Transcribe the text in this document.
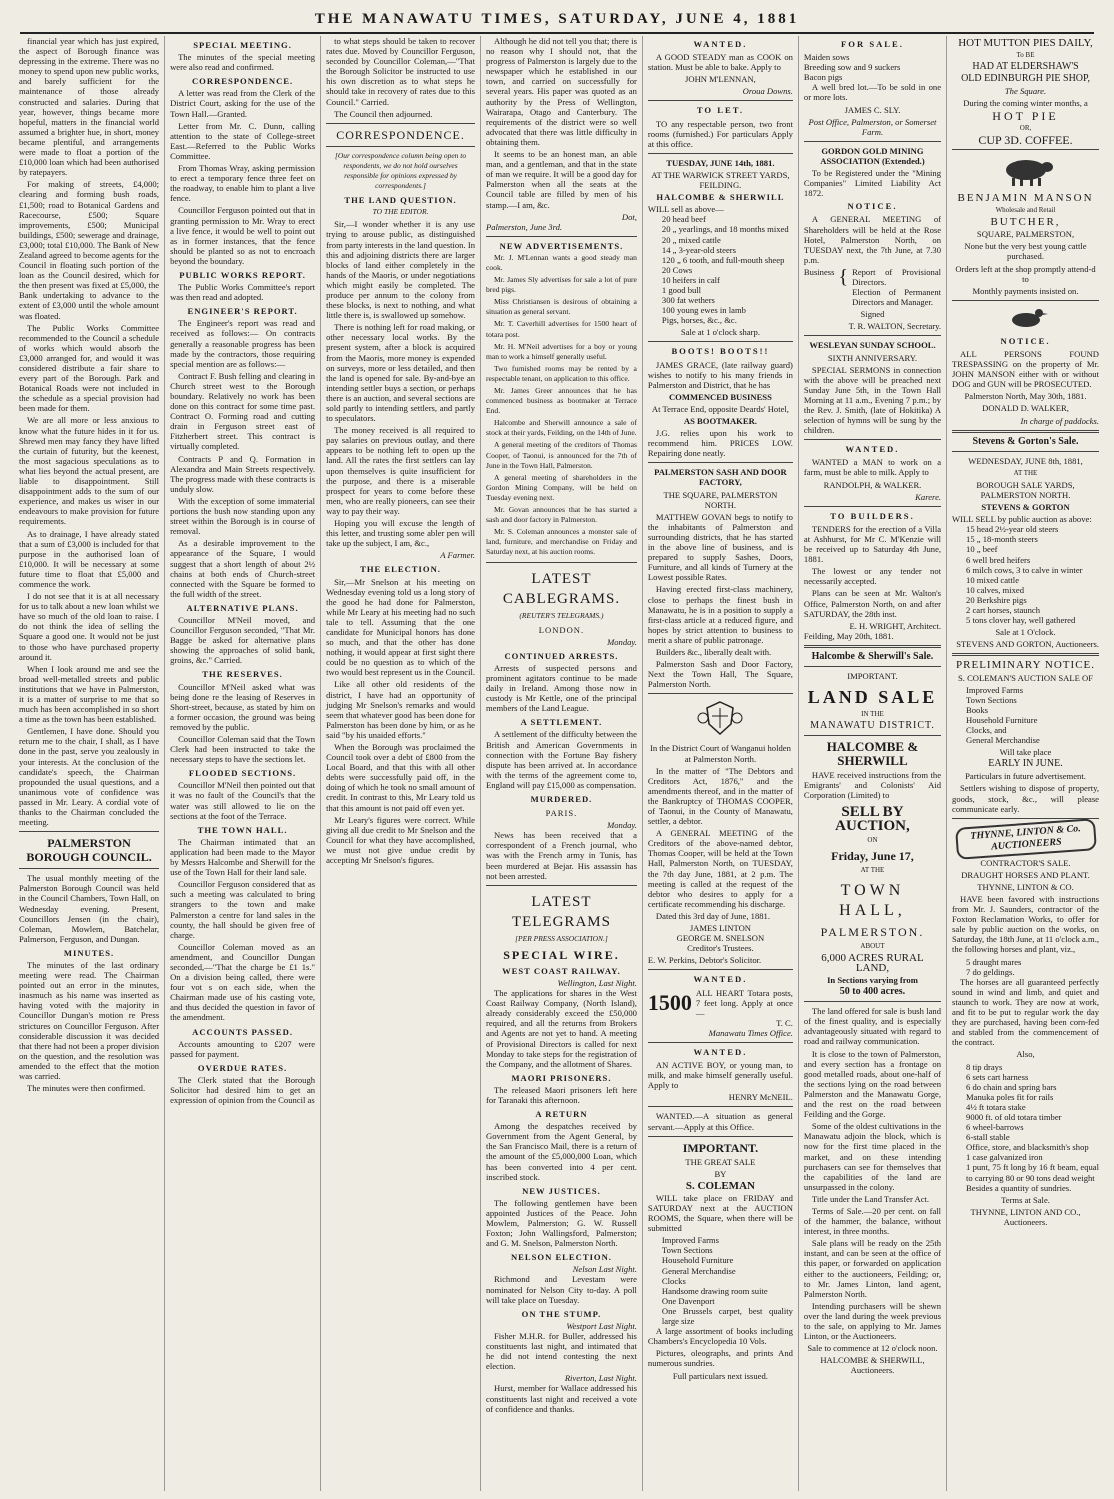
THE MANAWATU TIMES, SATURDAY, JUNE 4, 1881

financial year which has just expired, the aspect of Borough finance was depressing in the extreme. There was no money to spend upon new public works, and barely sufficient for the maintenance of those already constructed and salaries. During that year, however, things became more hopeful, matters in the financial world assumed a brighter hue, in short, money became plentiful, and arrangements were made to float a portion of the £10,000 loan which had been authorised by ratepayers.

For making of streets, £4,000; clearing and forming bush roads, £1,500; road to Botanical Gardens and Racecourse, £500; Square improvements, £500; Municipal buildings, £500; sewerage and drainage, £3,000; total £10,000. The Bank of New Zealand agreed to become agents for the Council in floating such portion of the loan as the Council desired, which for the then present was fixed at £5,000, the Bank undertaking to advance to the extent of £3,000 until the whole amount was floated.

The Public Works Committee recommended to the Council a schedule of works which would absorb the £3,000 arranged for, and would it was considered distribute a fair share to every part of the Borough. Park and Botanical Roads were not included in the schedule as a special provision had been made for them.

We are all more or less anxious to know what the future hides in it for us. Shrewd men may fancy they have lifted the curtain of futurity, but the keenest, the most sagacious speculations as to what lies beyond the actual present, are liable to disappointment. Still disappointment adds to the sum of our experience, and makes us wiser in our endeavours to make provision for future requirements.

As to drainage, I have already stated that a sum of £3,000 is included for that purpose in the authorised loan of £10,000. It will be necessary at some future time to float that £5,000 and commence the work.

I do not see that it is at all necessary for us to talk about a new loan whilst we have so much of the old loan to raise. I do not think the idea of selling the Square a good one. It would not be just to those who have purchased property around it.

When I look around me and see the broad well-metalled streets and public institutions that we have in Palmerston, it is a matter of surprise to me that so much has been accomplished in so short a time as the town has been established.

Gentlemen, I have done. Should you return me to the chair, I shall, as I have done in the past, serve you zealously in your interests. At the conclusion of the candidate's speech, the Chairman propounded the usual questions, and a unanimous vote of confidence was passed in Mr. Leary. A cordial vote of thanks to the Chairman concluded the meeting.

PALMERSTON BOROUGH COUNCIL.

The usual monthly meeting of the Palmerston Borough Council was held in the Council Chambers, Town Hall, on Wednesday evening. Present, Councillors Jensen (in the chair), Coleman, Mowlem, Batchelar, Palmerson, Ferguson, and Dungan.

MINUTES.

The minutes of the last ordinary meeting were read. The Chairman pointed out an error in the minutes, inasmuch as his name was inserted as having voted with the majority in Councillor Dungan's motion re Press strictures on Councillor Ferguson. After considerable discussion it was decided that there had not been a proper division on the question, and the resolution was amended to the effect that the motion was carried.

The minutes were then confirmed.

SPECIAL MEETING.

The minutes of the special meeting were also read and confirmed.

CORRESPONDENCE.

A letter was read from the Clerk of the District Court, asking for the use of the Town Hall.—Granted.

Letter from Mr. C. Dunn, calling attention to the state of College-street East.—Referred to the Public Works Committee.

From Thomas Wray, asking permission to erect a temporary fence three feet on the roadway, to enable him to plant a live fence.

Councillor Ferguson pointed out that in granting permission to Mr. Wray to erect a live fence, it would be well to point out as in former instances, that the fence should be planted so as not to encroach beyond the boundary.

PUBLIC WORKS REPORT.

The Public Works Committee's report was then read and adopted.

ENGINEER'S REPORT.

The Engineer's report was read and received as follows:— On contracts generally a reasonable progress has been made by the contractors, those requiring special mention are as follows:—

Contract F. Bush felling and clearing in Church street west to the Borough boundary. Relatively no work has been done on this contract for some time past. Contract O. Forming road and cutting drain in Ferguson street east of Fitzherbert street. This contract is virtually completed.

Contracts P and Q. Formation in Alexandra and Main Streets respectively. The progress made with these contracts is unduly slow.

With the exception of some immaterial portions the bush now standing upon any street within the Borough is in course of removal.

As a desirable improvement to the appearance of the Square, I would suggest that a short length of about 2½ chains at both ends of Church-street connected with the Square be formed to the full width of the street.

ALTERNATIVE PLANS.

Councillor M'Neil moved, and Councillor Ferguson seconded, "That Mr. Bagge be asked for alternative plans showing the approaches of solid bank, groins, &c." Carried.

THE RESERVES.

Councillor M'Neil asked what was being done re the leasing of Reserves in Short-street, because, as stated by him on a former occasion, the ground was being removed by the public.

Councillor Coleman said that the Town Clerk had been instructed to take the necessary steps to have the sections let.

FLOODED SECTIONS.

Councillor M'Neil then pointed out that it was no fault of the Council's that the water was still allowed to lie on the sections at the foot of the Terrace.

THE TOWN HALL.

The Chairman intimated that an application had been made to the Mayor by Messrs Halcombe and Sherwill for the use of the Town Hall for their land sale.

Councillor Ferguson considered that as such a meeting was calculated to bring strangers to the town and make Palmerston a centre for land sales in the county, the hall should be given free of charge.

Councillor Coleman moved as an amendment, and Councillor Dungan seconded,—"That the charge be £1 1s." On a division being called, there were four vot s on each side, when the Chairman made use of his casting vote, and thus decided the question in favor of the amendment.

ACCOUNTS PASSED.

Accounts amounting to £207 were passed for payment.

OVERDUE RATES.

The Clerk stated that the Borough Solicitor had desired him to get an expression of opinion from the Council as

to what steps should be taken to recover rates due. Moved by Councillor Ferguson, seconded by Councillor Coleman,—"That the Borough Solicitor be instructed to use his own discretion as to what steps he should take in recovery of rates due to this Council." Carried.

The Council then adjourned.

CORRESPONDENCE.
[Our correspondence column being open to respondents, we do not hold ourselves responsible for opinions expressed by correspondents.]
THE LAND QUESTION.
TO THE EDITOR.

Sir,—I wonder whether it is any use trying to arouse public, as distinguished from party interests in the land question. In this and adjoining districts there are larger blocks of land either completely in the hands of the Maoris, or under negotiations which might easily be completed. The produce per annum to the colony from these blocks, is next to nothing, and what little there is, is swallowed up somehow.

There is nothing left for road making, or other necessary local works. By the present system, after a block is acquired from the Maoris, more money is expended on surveys, more or less detailed, and then the land is opened for sale. By-and-bye an intending settler buys a section, or perhaps there is an auction, and several sections are sold partly to intending settlers, and partly to speculators.

The money received is all required to pay salaries on previous outlay, and there appears to be nothing left to open up the land. All the rates the first settlers can lay upon themselves is quite insufficient for the purpose, and there is a miserable prospect for years to come before these men, who are really pioneers, can see their way to pay their way.

Hoping you will excuse the length of this letter, and trusting some abler pen will take up the subject, I am, &c.,

A Farmer.
THE ELECTION.

Sir,—Mr Snelson at his meeting on Wednesday evening told us a long story of the good he had done for Palmerston, while Mr Leary at his meeting had no such tale to tell. Assuming that the one candidate for Municipal honors has done so much, and that the other has done nothing, it would appear at first sight there could be no question as to which of the two would best represent us in the Council.

Like all other old residents of the district, I have had an opportunity of judging Mr Snelson's remarks and would seem that whatever good has been done for Palmerston has been done by him, or as he said "by his unaided efforts."

When the Borough was proclaimed the Council took over a debt of £800 from the Local Board, and that this with all other debts were successfully paid off, in the doing of which he took no small amount of credit. In contrast to this, Mr Leary told us that this amount is not paid off even yet.

Mr Leary's figures were correct. While giving all due credit to Mr Snelson and the Council for what they have accomplished, we must not give undue credit by accepting Mr Snelson's figures.

Although he did not tell you that; there is no reason why I should not, that the progress of Palmerston is largely due to the newspaper which he established in our town, and carried on successfully for several years. His paper was quoted as an authority by the Press of Wellington, Wairarapa, Otago and Canterbury. The requirements of the district were so well advocated that there was little difficulty in obtaining them.

It seems to be an honest man, an able man, and a gentleman, and that in the state of man we require. It will be a good day for Palmerston when all the seats at the Council table are filled by men of his stamp.—I am, &c.

Dot,
Palmerston, June 3rd.
NEW ADVERTISEMENTS.

Mr. J. M'Lennan wants a good steady man cook.

Mr. James Sly advertises for sale a lot of pure bred pigs.

Miss Christiansen is desirous of obtaining a situation as general servant.

Mr. T. Caverhill advertises for 1500 heart of totara post.

Mr. H. M'Neil advertises for a boy or young man to work a himself generally useful.

Two furnished rooms may be rented by a respectable tenant, on application to this office.

Mr. James Greer announces that he has commenced business as bootmaker at Terrace End.

Halcombe and Sherwill announce a sale of stock at their yards, Feilding, on the 14th of June.

A general meeting of the creditors of Thomas Cooper, of Taonui, is announced for the 7th of June in the Town Hall, Palmerston.

A general meeting of shareholders in the Gordon Mining Company, will be held on Tuesday evening next.

Mr. Govan announces that he has started a sash and door factory in Palmerston.

Mr. S. Coleman announces a monster sale of land, furniture, and merchandise on Friday and Saturday next, at his auction rooms.

LATEST CABLEGRAMS.
(REUTER'S TELEGRAMS.)
LONDON.
Monday.
CONTINUED ARRESTS.

Arrests of suspected persons and prominent agitators continue to be made daily in Ireland. Among those now in custody is Mr Kettle, one of the principal members of the Land League.

A SETTLEMENT.

A settlement of the difficulty between the British and American Governments in connection with the Fortune Bay fishery dispute has been arrived at. In accordance with the terms of the agreement come to, England will pay £15,000 as compensation.

MURDERED.
PARIS.
Monday.

News has been received that a correspondent of a French journal, who was with the French army in Tunis, has been murdered at Bejar. His assassin has not been arrested.

LATEST TELEGRAMS
[PER PRESS ASSOCIATION.]
SPECIAL WIRE.
WEST COAST RAILWAY.
Wellington, Last Night.

The applications for shares in the West Coast Railway Company, (North Island), already considerably exceed the £50,000 required, and all the returns from Brokers and Agents are not yet to hand. A meeting of Provisional Directors is called for next Monday to take steps for the registration of the Company, and the allotment of Shares.

MAORI PRISONERS.

The released Maori prisoners left here for Taranaki this afternoon.

A RETURN

Among the despatches received by Government from the Agent General, by the San Francisco Mail, there is a return of the amount of the £5,000,000 Loan, which has been converted into 4 per cent. inscribed stock.

NEW JUSTICES.

The following gentlemen have been appointed Justices of the Peace. John Mowlem, Palmerston; G. W. Russell Foxton; John Wallingsford, Palmerston; and G. M. Snelson, Palmerston North.

NELSON ELECTION.
Nelson Last Night.

Richmond and Levestam were nominated for Nelson City to-day. A poll will take place on Tuesday.

ON THE STUMP.
Westport Last Night.

Fisher M.H.R. for Buller, addressed his constituents last night, and intimated that he did not intend contesting the next election.

Riverton, Last Night.

Hurst, member for Wallace addressed his constituents last night and received a vote of confidence and thanks.

WANTED.

A GOOD STEADY man as COOK on station. Must be able to bake. Apply to

JOHN M'LENNAN,
Oroua Downs.
TO LET.

TO any respectable person, two front rooms (furnished.) For particulars Apply at this office.

TUESDAY, JUNE 14th, 1881.
AT THE WARWICK STREET YARDS, FEILDING.
HALCOMBE & SHERWILL
WILL sell as above—
20 head beef
20 „ yearlings, and 18 months mixed
20 „ mixed cattle
14 „ 3-year-old steers
120 „ 6 tooth, and full-mouth sheep
20 Cows
10 heifers in calf
1 good bull
300 fat wethers
100 young ewes in lamb
Pigs, horses, &c., &c.
Sale at 1 o'clock sharp.
BOOTS! BOOTS!!

JAMES GRACE, (late railway guard) wishes to notify to his many friends in Palmerston and District, that he has

COMMENCED BUSINESS
At Terrace End, opposite Deards' Hotel,
AS BOOTMAKER.

J.G. relies upon his work to recommend him. PRICES LOW. Repairing done neatly.

PALMERSTON SASH AND DOOR FACTORY,
THE SQUARE, PALMERSTON NORTH.

MATTHEW GOVAN begs to notify to the inhabitants of Palmerston and surrounding districts, that he has started in the above line of business, and is prepared to supply Sashes, Doors, Furniture, and all kinds of Turnery at the Lowest possible Rates.

Having erected first-class machinery, close to perhaps the finest bush in Manawatu, he is in a position to supply a first-class article at a reduced figure, and hopes by strict attention to business to merit a share of public patronage.

Builders &c., liberally dealt with.

Palmerston Sash and Door Factory, Next the Town Hall, The Square, Palmerston North.

In the District Court of Wanganui holden at Palmerston North.

In the matter of "The Debtors and Creditors Act, 1876," and the amendments thereof, and in the matter of the Bankruptcy of THOMAS COOPER, of Taonui, in the County of Manawatu, settler, a debtor.

A GENERAL MEETING of the Creditors of the above-named debtor, Thomas Cooper, will be held at the Town Hall, Palmerston North, on TUESDAY, the 7th day June, 1881, at 2 p.m. The meeting is called at the request of the debtor who desires to apply for a certificate recommending his discharge.

Dated this 3rd day of June, 1881.

JAMES LINTON
GEORGE M. SNELSON
Creditor's Trustees.
E. W. Perkins, Debtor's Solicitor.
WANTED.
1500 ALL HEART Totara posts, 7 feet long. Apply at once—
T. C.
Manawatu Times Office.
WANTED.

AN ACTIVE BOY, or young man, to milk, and make himself generally useful. Apply to

HENRY McNEIL.

WANTED.—A situation as general servant.—Apply at this Office.

IMPORTANT.
THE GREAT SALE
BY
S. COLEMAN

WILL take place on FRIDAY and SATURDAY next at the AUCTION ROOMS, the Square, when there will be submitted

Improved Farms
Town Sections
Household Furniture
General Merchandise
Clocks
Handsome drawing room suite
One Davenport
One Brussels carpet, best quality large size

A large assortment of books including Chambers's Encyclopedia 10 Vols.

Pictures, oleographs, and prints And numerous sundries.

Full particulars next issued.
FOR SALE.
Maiden sows
Breeding sow and 9 suckers
Bacon pigs

A well bred lot.—To be sold in one or more lots.

JAMES C. SLY.
Post Office, Palmerston, or Somerset Farm.
GORDON GOLD MINING ASSOCIATION (Extended.)

To be Registered under the "Mining Companies" Limited Liability Act 1872.

NOTICE.

A GENERAL MEETING of Shareholders will be held at the Rose Hotel, Palmerston North, on TUESDAY next, the 7th June, at 7.30 p.m.

Business { Report of Provisional Directors.
Election of Permanent Directors and Manager.
Signed
T. R. WALTON, Secretary.
WESLEYAN SUNDAY SCHOOL.
SIXTH ANNIVERSARY.

SPECIAL SERMONS in connection with the above will be preached next Sunday June 5th, in the Town Hall Morning at 11 a.m., Evening 7 p.m.; by the Rev. J. Smith, (late of Hokitika) A selection of hymns will be sung by the children.

WANTED.

WANTED a MAN to work on a farm, must be able to milk. Apply to

RANDOLPH, & WALKER.
Karere.
TO BUILDERS.

TENDERS for the erection of a Villa at Ashhurst, for Mr C. M'Kenzie will be received up to Saturday 4th June, 1881.

The lowest or any tender not necessarily accepted.

Plans can be seen at Mr. Walton's Office, Palmerston North, on and after SATURDAY, the 28th inst.

E. H. WRIGHT, Architect.
Feilding, May 20th, 1881.
Halcombe & Sherwill's Sale.
IMPORTANT.
LAND SALE
IN THE
MANAWATU DISTRICT.
HALCOMBE & SHERWILL

HAVE received instructions from the Emigrants' and Colonists' Aid Corporation (Limited) to

SELL BY AUCTION,
ON
Friday, June 17,
AT THE
TOWN HALL,
PALMERSTON.
ABOUT
6,000 ACRES RURAL LAND,
In Sections varying from
50 to 400 acres.

The land offered for sale is bush land of the finest quality, and is especially advantageously situated with regard to road and railway communication.

It is close to the town of Palmerston, and every section has a frontage on good metalled roads, about one-half of the sections lying on the road between Palmerston and the Manawatu Gorge, and the rest on the road between Feilding and the Gorge.

Some of the oldest cultivations in the Manawatu adjoin the block, which is now for the first time placed in the market, and on these intending purchasers can see for themselves that the capabilities of the land are unsurpassed in the colony.

Title under the Land Transfer Act.

Terms of Sale.—20 per cent. on fall of the hammer, the balance, without interest, in three months.

Sale plans will be ready on the 25th instant, and can be seen at the office of this paper, or forwarded on application either to the auctioneers, Feilding; or, to Mr. James Linton, land agent, Palmerston North.

Intending purchasers will be shewn over the land during the week previous to the sale, on applying to Mr. James Linton, or the Auctioneers.

Sale to commence at 12 o'clock noon.
HALCOMBE & SHERWILL, Auctioneers.
HOT MUTTON PIES DAILY,
To BE
HAD AT ELDERSHAW'S
OLD EDINBURGH PIE SHOP,
The Square.
During the coming winter months, a
HOT PIE
OR,
CUP 3D. COFFEE.
BENJAMIN MANSON
Wholesale and Retail
BUTCHER,
SQUARE, PALMERSTON,
None but the very best young cattle purchased.
Orders left at the shop promptly attend-d to
Monthly payments insisted on.
NOTICE.

ALL PERSONS FOUND TRESPASSING on the property of Mr. JOHN MANSON either with or without DOG and GUN will be PROSECUTED.

Palmerston North, May 30th, 1881.
DONALD D. WALKER,
In charge of paddocks.
Stevens & Gorton's Sale.
WEDNESDAY, JUNE 8th, 1881,
AT THE
BOROUGH SALE YARDS, PALMERSTON NORTH.
STEVENS & GORTON
WILL SELL by public auction as above:
15 head 2½-year old steers
15 „ 18-month steers
10 „ beef
6 well bred heifers
6 milch cows, 3 to calve in winter
10 mixed cattle
10 calves, mixed
20 Berkshire pigs
2 cart horses, staunch
5 tons clover hay, well gathered
Sale at 1 O'clock.
STEVENS AND GORTON, Auctioneers.
PRELIMINARY NOTICE.
S. COLEMAN'S AUCTION SALE OF
Improved Farms
Town Sections
Books
Household Furniture
Clocks, and
General Merchandise
Will take place
EARLY IN JUNE.
Particulars in future advertisement.

Settlers wishing to dispose of property, goods, stock, &c., will please communicate early.

THYNNE, LINTON & Co. AUCTIONEERS
CONTRACTOR'S SALE.
DRAUGHT HORSES AND PLANT.
THYNNE, LINTON & CO.

HAVE been favored with instructions from Mr. J. Saunders, contractor of the Foxton Reclamation Works, to offer for sale by public auction on the works, on Saturday, the 18th June, at 11 o'clock a.m., the following horses and plant, viz.,

5 draught mares
7 do geldings.

The horses are all guaranteed perfectly sound in wind and limb, and quiet and staunch to work. They are now at work, and fit to be put to regular work the day they are purchased, having been corn-fed and stabled from the commencement of the contract.

Also,
8 tip drays
6 sets cart harness
6 do chain and spring bars
Manuka poles fit for rails
4½ ft totara stake
9000 ft. of old totara timber
6 wheel-barrows
6-stall stable
Office, store, and blacksmith's shop
1 case galvanized iron
1 punt, 75 ft long by 16 ft beam, equal to carrying 80 or 90 tons dead weight
Besides a quantity of sundries.
Terms at Sale.
THYNNE, LINTON AND CO., Auctioneers.
